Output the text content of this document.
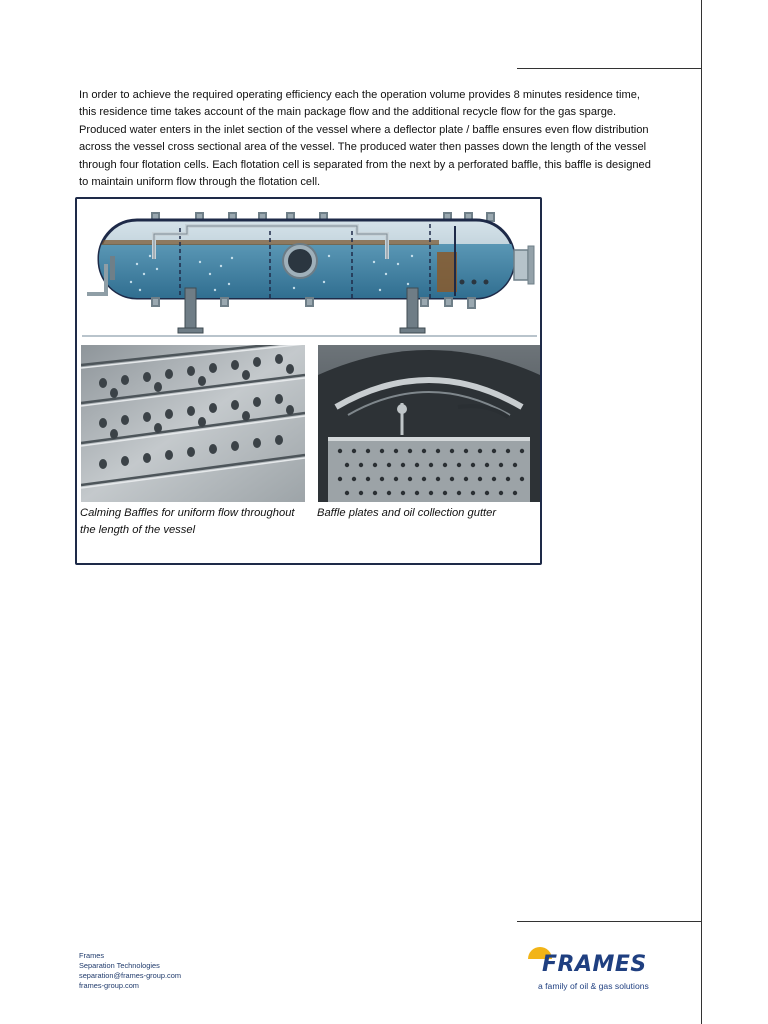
In order to achieve the required operating efficiency each the operation volume provides 8 minutes residence time, this residence time takes account of the main package flow and the additional recycle flow for the gas sparge. Produced water enters in the inlet section of the vessel where a deflector plate / baffle ensures even flow distribution across the vessel cross sectional area of the vessel. The produced water then passes down the length of the vessel through four flotation cells. Each flotation cell is separated from the next by a perforated baffle, this baffle is designed to maintain uniform flow through the flotation cell.

Calming Baffles for uniform flow throughout the length of the vessel
Baffle plates and oil collection gutter
Frames
Separation Technologies
separation@frames-group.com
frames-group.com
FRAMES
a family of oil & gas solutions
